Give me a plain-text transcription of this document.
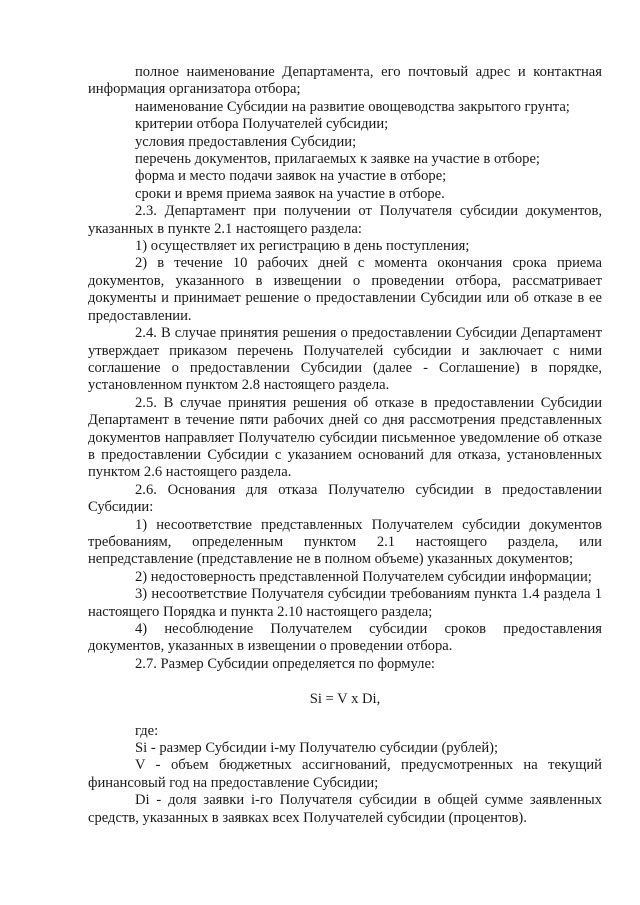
полное наименование Департамента, его почтовый адрес и контактная информация организатора отбора;

наименование Субсидии на развитие овощеводства закрытого грунта;

критерии отбора Получателей субсидии;

условия предоставления Субсидии;

перечень документов, прилагаемых к заявке на участие в отборе;

форма и место подачи заявок на участие в отборе;

сроки и время приема заявок на участие в отборе.

2.3. Департамент при получении от Получателя субсидии документов, указанных в пункте 2.1 настоящего раздела:

1) осуществляет их регистрацию в день поступления;

2) в течение 10 рабочих дней с момента окончания срока приема документов, указанного в извещении о проведении отбора, рассматривает документы и принимает решение о предоставлении Субсидии или об отказе в ее предоставлении.

2.4. В случае принятия решения о предоставлении Субсидии Департамент утверждает приказом перечень Получателей субсидии и заключает с ними соглашение о предоставлении Субсидии (далее - Соглашение) в порядке, установленном пунктом 2.8 настоящего раздела.

2.5. В случае принятия решения об отказе в предоставлении Субсидии Департамент в течение пяти рабочих дней со дня рассмотрения представленных документов направляет Получателю субсидии письменное уведомление об отказе в предоставлении Субсидии с указанием оснований для отказа, установленных пунктом 2.6 настоящего раздела.

2.6. Основания для отказа Получателю субсидии в предоставлении Субсидии:

1) несоответствие представленных Получателем субсидии документов требованиям, определенным пунктом 2.1 настоящего раздела, или непредставление (представление не в полном объеме) указанных документов;

2) недостоверность представленной Получателем субсидии информации;

3) несоответствие Получателя субсидии требованиям пункта 1.4 раздела 1 настоящего Порядка и пункта 2.10 настоящего раздела;

4) несоблюдение Получателем субсидии сроков предоставления документов, указанных в извещении о проведении отбора.

2.7. Размер Субсидии определяется по формуле:

Si = V x Di,

где:

Si - размер Субсидии i-му Получателю субсидии (рублей);

V - объем бюджетных ассигнований, предусмотренных на текущий финансовый год на предоставление Субсидии;

Di - доля заявки i-го Получателя субсидии в общей сумме заявленных средств, указанных в заявках всех Получателей субсидии (процентов).
